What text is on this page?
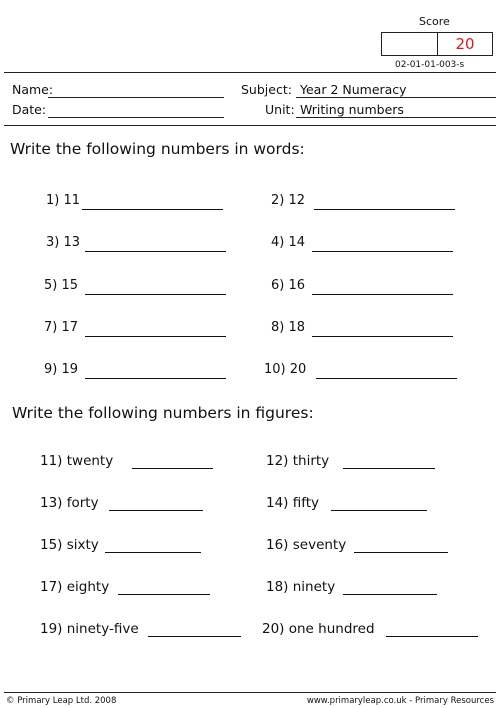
Score
20
02-01-01-003-s
Name:
Date:
Subject: Year 2 Numeracy
Unit: Writing numbers
Write the following numbers in words:
1) 11	2) 12
3) 13	4) 14
5) 15	6) 16
7) 17	8) 18
9) 19	10) 20
Write the following numbers in figures:
11) twenty	12) thirty
13) forty	14) fifty
15) sixty	16) seventy
17) eighty	18) ninety
19) ninety-five	20) one hundred
© Primary Leap Ltd. 2008	www.primaryleap.co.uk - Primary Resources
